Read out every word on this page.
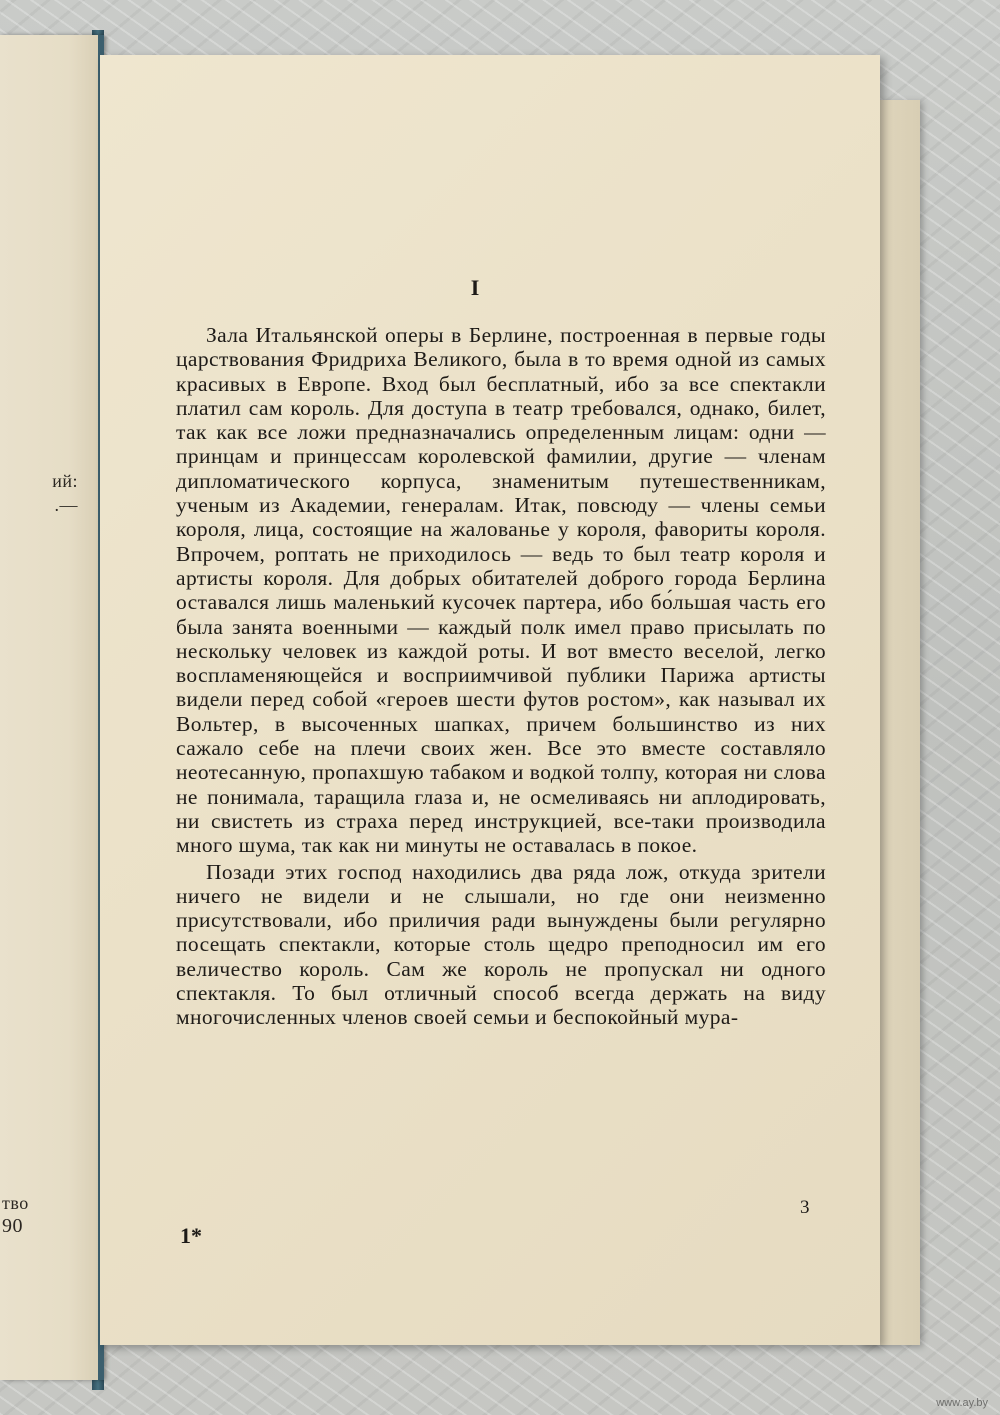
ий:
.—
тво
90
I

Зала Итальянской оперы в Берлине, построенная в первые годы царствования Фридриха Великого, была в то время одной из самых красивых в Европе. Вход был бесплатный, ибо за все спектакли платил сам король. Для доступа в театр требовался, однако, билет, так как все ложи предназначались определенным лицам: одни — принцам и принцессам королевской фамилии, другие — членам дипломатического корпуса, знаменитым путешественникам, ученым из Академии, генералам. Итак, повсюду — члены семьи короля, лица, состоящие на жалованье у короля, фавориты короля. Впрочем, роптать не приходилось — ведь то был театр короля и артисты короля. Для добрых обитателей доброго города Берлина оставался лишь маленький кусочек партера, ибо бо́льшая часть его была занята военными — каждый полк имел право присылать по нескольку человек из каждой роты. И вот вместо веселой, легко воспламеняющейся и восприимчивой публики Парижа артисты видели перед собой «героев шести футов ростом», как называл их Вольтер, в высоченных шапках, причем большинство из них сажало себе на плечи своих жен. Все это вместе составляло неотесанную, пропахшую табаком и водкой толпу, которая ни слова не понимала, таращила глаза и, не осмеливаясь ни аплодировать, ни свистеть из страха перед инструкцией, все-таки производила много шума, так как ни минуты не оставалась в покое.

Позади этих господ находились два ряда лож, откуда зрители ничего не видели и не слышали, но где они неизменно присутствовали, ибо приличия ради вынуждены были регулярно посещать спектакли, которые столь щедро преподносил им его величество король. Сам же король не пропускал ни одного спектакля. То был отличный способ всегда держать на виду многочисленных членов своей семьи и беспокойный мура-

3
1*
www.ay.by
